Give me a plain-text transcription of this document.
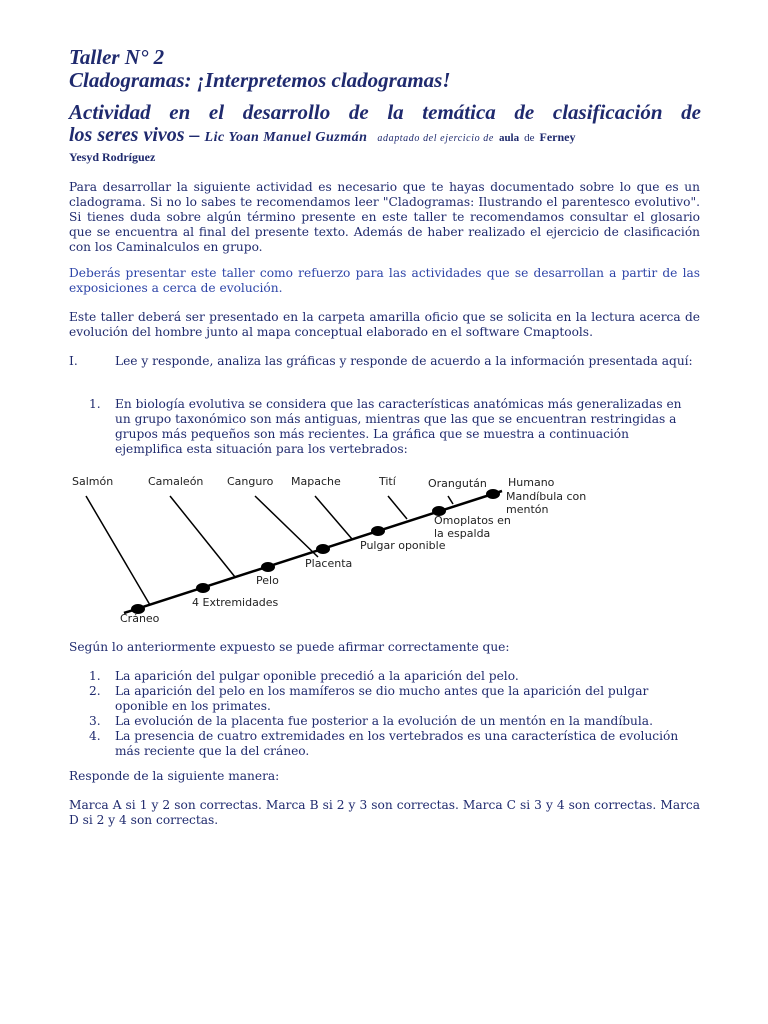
Taller N° 2
Cladogramas: ¡Interpretemos cladogramas!
Actividad en el desarrollo de la temática de clasificación de
los seres vivos – Lic Yoan Manuel Guzmán adaptado del ejercicio de aula de Ferney
Yesyd Rodríguez

Para desarrollar la siguiente actividad es necesario que te hayas documentado sobre lo que es un cladograma. Si no lo sabes te recomendamos leer "Cladogramas: Ilustrando el parentesco evolutivo". Si tienes duda sobre algún término presente en este taller te recomendamos consultar el glosario que se encuentra al final del presente texto. Además de haber realizado el ejercicio de clasificación con los Caminalculos en grupo.

Deberás presentar este taller como refuerzo para las actividades que se desarrollan a partir de las exposiciones a cerca de evolución.

Este taller deberá ser presentado en la carpeta amarilla oficio que se solicita en la lectura acerca de evolución del hombre junto al mapa conceptual elaborado en el software Cmaptools.

I.	Lee y responde, analiza las gráficas y responde de acuerdo a la información presentada aquí:
1.	En biología evolutiva se considera que las características anatómicas más generalizadas en un grupo taxonómico son más antiguas, mientras que las que se encuentran restringidas a grupos más pequeños son más recientes. La gráfica que se muestra a continuación ejemplifica esta situación para los vertebrados:
Salmón	Camaleón Canguro Mapache	Tití	Orangután Humano
Cráneo
4 Extremidades
Pelo
Placenta
Pulgar oponible
Omoplatos en
la espalda
Mandíbula con
mentón

Según lo anteriormente expuesto se puede afirmar correctamente que:

1.	La aparición del pulgar oponible precedió a la aparición del pelo.
2.	La aparición del pelo en los mamíferos se dio mucho antes que la aparición del pulgar oponible en los primates.
3.	La evolución de la placenta fue posterior a la evolución de un mentón en la mandíbula.
4.	La presencia de cuatro extremidades en los vertebrados es una característica de evolución más reciente que la del cráneo.

Responde de la siguiente manera:

Marca A si 1 y 2 son correctas. Marca B si 2 y 3 son correctas. Marca C si 3 y 4 son correctas. Marca D si 2 y 4 son correctas.
